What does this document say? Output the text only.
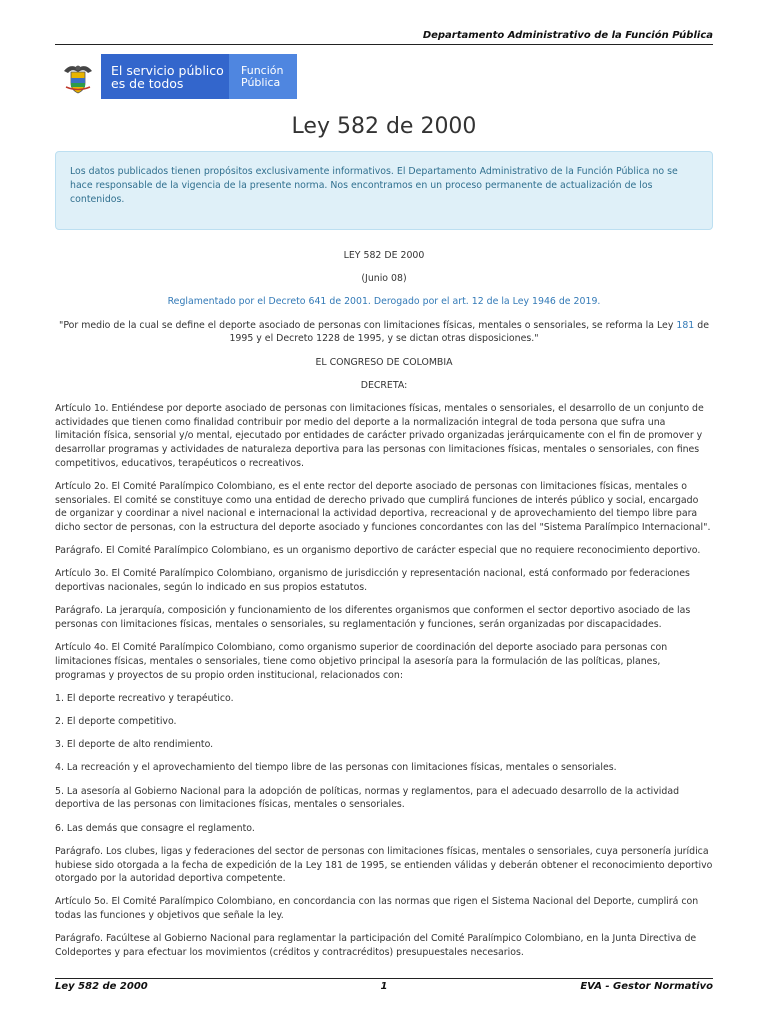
Departamento Administrativo de la Función Pública
El servicio público
es de todos
Función
Pública
Ley 582 de 2000
Los datos publicados tienen propósitos exclusivamente informativos. El Departamento Administrativo de la Función Pública no se hace responsable de la vigencia de la presente norma. Nos encontramos en un proceso permanente de actualización de los contenidos.

LEY 582 DE 2000

(Junio 08)

Reglamentado por el Decreto 641 de 2001. Derogado por el art. 12 de la Ley 1946 de 2019.

"Por medio de la cual se define el deporte asociado de personas con limitaciones físicas, mentales o sensoriales, se reforma la Ley 181 de 1995 y el Decreto 1228 de 1995, y se dictan otras disposiciones."

EL CONGRESO DE COLOMBIA

DECRETA:

Artículo 1o. Entiéndese por deporte asociado de personas con limitaciones físicas, mentales o sensoriales, el desarrollo de un conjunto de actividades que tienen como finalidad contribuir por medio del deporte a la normalización integral de toda persona que sufra una limitación física, sensorial y/o mental, ejecutado por entidades de carácter privado organizadas jerárquicamente con el fin de promover y desarrollar programas y actividades de naturaleza deportiva para las personas con limitaciones físicas, mentales o sensoriales, con fines competitivos, educativos, terapéuticos o recreativos.

Artículo 2o. El Comité Paralímpico Colombiano, es el ente rector del deporte asociado de personas con limitaciones físicas, mentales o sensoriales. El comité se constituye como una entidad de derecho privado que cumplirá funciones de interés público y social, encargado de organizar y coordinar a nivel nacional e internacional la actividad deportiva, recreacional y de aprovechamiento del tiempo libre para dicho sector de personas, con la estructura del deporte asociado y funciones concordantes con las del "Sistema Paralímpico Internacional".

Parágrafo. El Comité Paralímpico Colombiano, es un organismo deportivo de carácter especial que no requiere reconocimiento deportivo.

Artículo 3o. El Comité Paralímpico Colombiano, organismo de jurisdicción y representación nacional, está conformado por federaciones deportivas nacionales, según lo indicado en sus propios estatutos.

Parágrafo. La jerarquía, composición y funcionamiento de los diferentes organismos que conformen el sector deportivo asociado de las personas con limitaciones físicas, mentales o sensoriales, su reglamentación y funciones, serán organizadas por discapacidades.

Artículo 4o. El Comité Paralímpico Colombiano, como organismo superior de coordinación del deporte asociado para personas con limitaciones físicas, mentales o sensoriales, tiene como objetivo principal la asesoría para la formulación de las políticas, planes, programas y proyectos de su propio orden institucional, relacionados con:

1. El deporte recreativo y terapéutico.

2. El deporte competitivo.

3. El deporte de alto rendimiento.

4. La recreación y el aprovechamiento del tiempo libre de las personas con limitaciones físicas, mentales o sensoriales.

5. La asesoría al Gobierno Nacional para la adopción de políticas, normas y reglamentos, para el adecuado desarrollo de la actividad deportiva de las personas con limitaciones físicas, mentales o sensoriales.

6. Las demás que consagre el reglamento.

Parágrafo. Los clubes, ligas y federaciones del sector de personas con limitaciones físicas, mentales o sensoriales, cuya personería jurídica hubiese sido otorgada a la fecha de expedición de la Ley 181 de 1995, se entienden válidas y deberán obtener el reconocimiento deportivo otorgado por la autoridad deportiva competente.

Artículo 5o. El Comité Paralímpico Colombiano, en concordancia con las normas que rigen el Sistema Nacional del Deporte, cumplirá con todas las funciones y objetivos que señale la ley.

Parágrafo. Facúltese al Gobierno Nacional para reglamentar la participación del Comité Paralímpico Colombiano, en la Junta Directiva de Coldeportes y para efectuar los movimientos (créditos y contracréditos) presupuestales necesarios.

Ley 582 de 2000	1	EVA - Gestor Normativo
